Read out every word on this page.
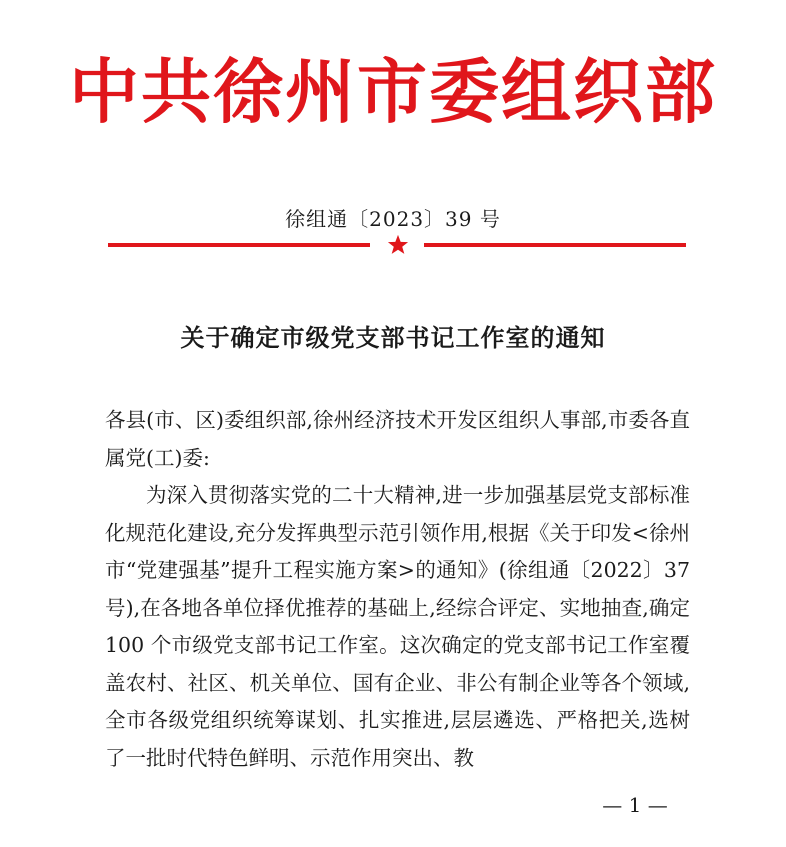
中共徐州市委组织部
徐组通〔2023〕39 号
关于确定市级党支部书记工作室的通知

各县(市、区)委组织部,徐州经济技术开发区组织人事部,市委各直属党(工)委:

为深入贯彻落实党的二十大精神,进一步加强基层党支部标准化规范化建设,充分发挥典型示范引领作用,根据《关于印发<徐州市“党建强基”提升工程实施方案>的通知》(徐组通〔2022〕37 号),在各地各单位择优推荐的基础上,经综合评定、实地抽查,确定 100 个市级党支部书记工作室。这次确定的党支部书记工作室覆盖农村、社区、机关单位、国有企业、非公有制企业等各个领域,全市各级党组织统筹谋划、扎实推进,层层遴选、严格把关,选树了一批时代特色鲜明、示范作用突出、教

— 1 —
